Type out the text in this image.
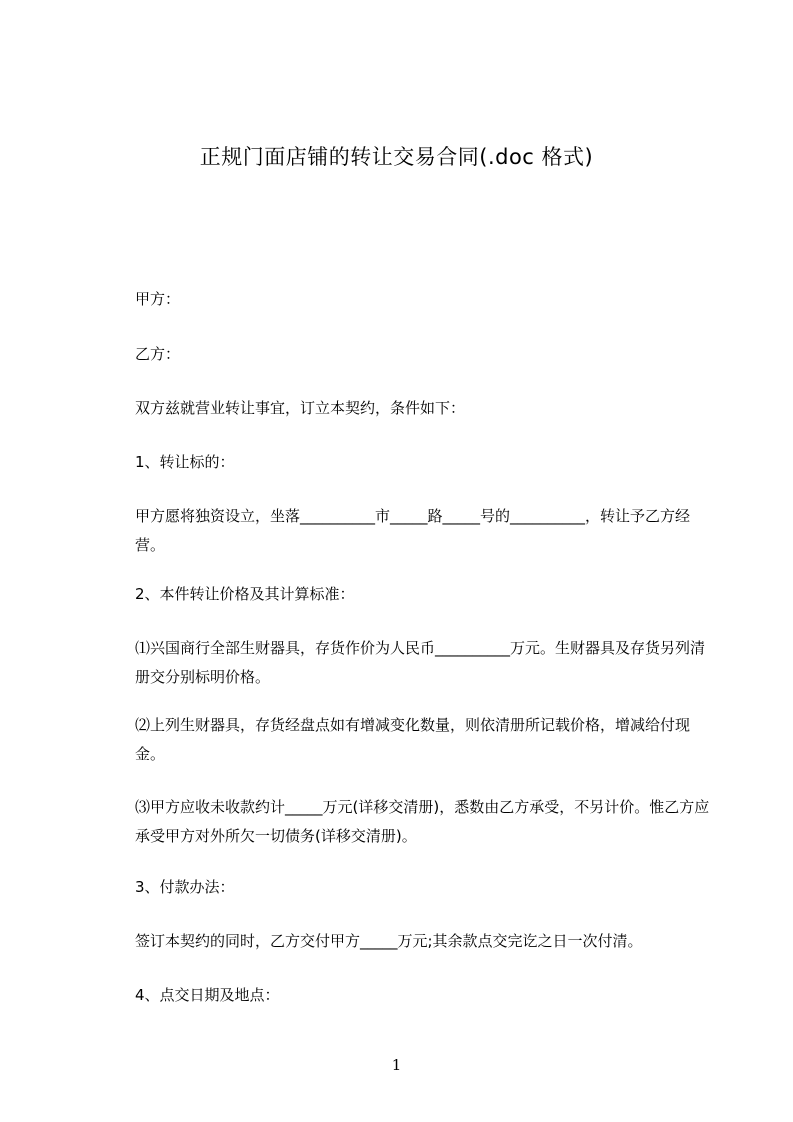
正规门面店铺的转让交易合同(.doc 格式)

甲方：

乙方：

双方兹就营业转让事宜，订立本契约，条件如下：

1、转让标的：

甲方愿将独资设立，坐落__________市_____路_____号的__________，转让予乙方经营。

2、本件转让价格及其计算标准：

⑴兴国商行全部生财器具，存货作价为人民币__________万元。生财器具及存货另列清册交分别标明价格。

⑵上列生财器具，存货经盘点如有增减变化数量，则依清册所记载价格，增减给付现金。

⑶甲方应收未收款约计_____万元(详移交清册)，悉数由乙方承受，不另计价。惟乙方应承受甲方对外所欠一切债务(详移交清册)。

3、付款办法：

签订本契约的同时，乙方交付甲方_____万元;其余款点交完讫之日一次付清。

4、点交日期及地点：

1
